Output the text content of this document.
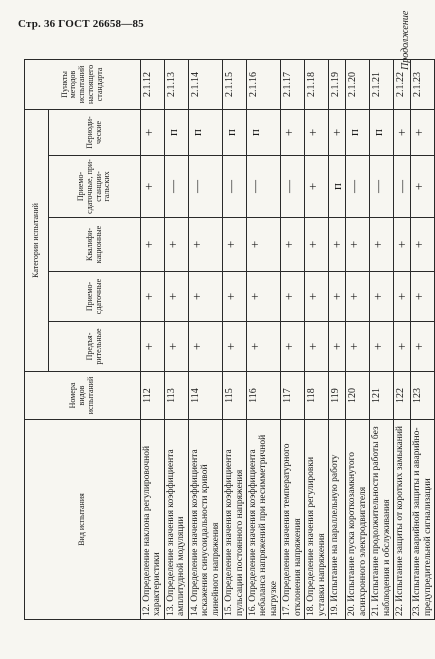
Стр. 36 ГОСТ 26658—85	Продолжение
Вид испытания	Номера видов испытаний	Категории испытаний					Пункты методов испытаний настоящего стандарта
		Предъя-рительные	Приемо-сдаточные	Квалифи-кационные	Приемо-сдаточные, при-станции-гальских	Периоди-ческие	
12. Определение наклона регулировочной характеристики	112	+	+	+	+	+	2.1.12
13. Определение значения коэффициента амплитудной модуляции	113	+	+	+	—	п	2.1.13
14. Определение значения коэффициента искажения синусоидальности кривой линейного напряжения	114	+	+	+	—	п	2.1.14
15. Определение значения коэффициента пульсации постоянного напряжения	115	+	+	+	—	п	2.1.15
16. Определение значения коэффициента небаланса напряжений при несимметричной нагрузке	116	+	+	+	—	п	2.1.16
17. Определение значения температурного отклонения напряжения	117	+	+	+	—	+	2.1.17
18. Определение значения регулировки уставки напряжения	118	+	+	+	+	+	2.1.18
19. Испытание на параллельную работу	119	+	+	+	п	+	2.1.19
20. Испытание пуска короткозамкнутого асинхронного электродвигателя	120	+	+	+	—	п	2.1.20
21. Испытание продолжительности работы без наблюдения и обслуживания	121	+	+	+	—	п	2.1.21
22. Испытание защиты от коротких замыканий	122	+	+	+	—	+	2.1.22
23. Испытание аварийной защиты и аварийно-предупредительной сигнализации	123	+	+	+	+	+	2.1.23
